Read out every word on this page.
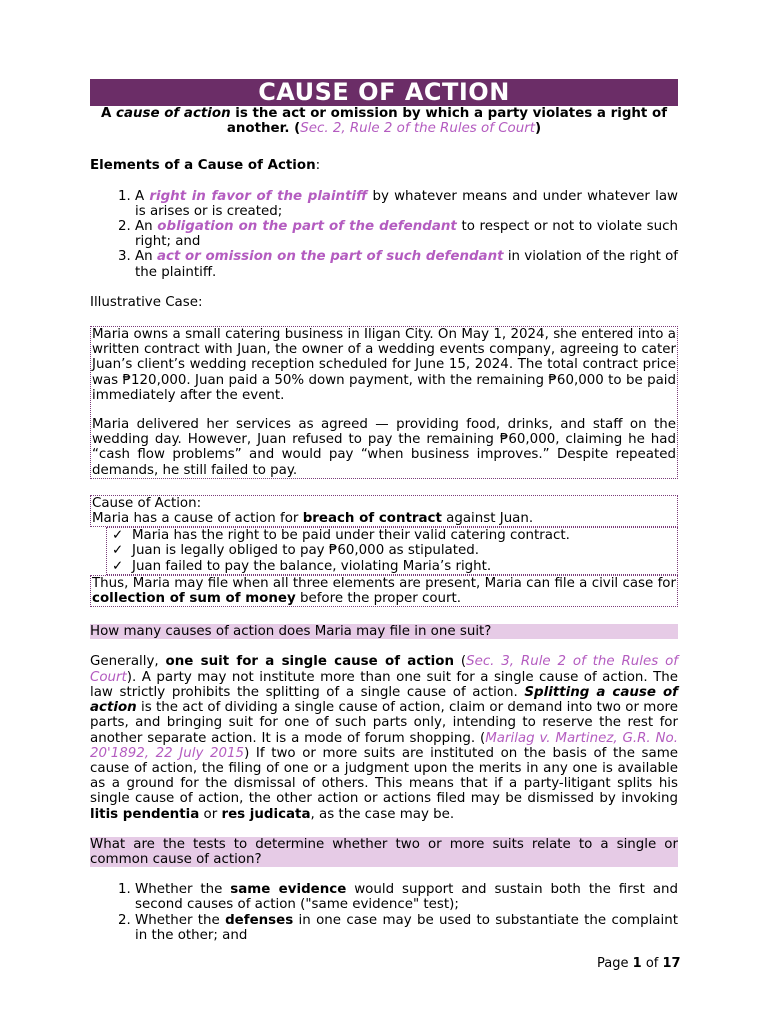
CAUSE OF ACTION

A cause of action is the act or omission by which a party violates a right of another. (Sec. 2, Rule 2 of the Rules of Court)

Elements of a Cause of Action:

1. A right in favor of the plaintiff by whatever means and under whatever law is arises or is created;
2. An obligation on the part of the defendant to respect or not to violate such right; and
3. An act or omission on the part of such defendant in violation of the right of the plaintiff.

Illustrative Case:

Maria owns a small catering business in Iligan City. On May 1, 2024, she entered into a written contract with Juan, the owner of a wedding events company, agreeing to cater Juan’s client’s wedding reception scheduled for June 15, 2024. The total contract price was ₱120,000. Juan paid a 50% down payment, with the remaining ₱60,000 to be paid immediately after the event.

Maria delivered her services as agreed — providing food, drinks, and staff on the wedding day. However, Juan refused to pay the remaining ₱60,000, claiming he had “cash flow problems” and would pay “when business improves.” Despite repeated demands, he still failed to pay.

Cause of Action:

Maria has a cause of action for breach of contract against Juan.

✓ Maria has the right to be paid under their valid catering contract.
✓ Juan is legally obliged to pay ₱60,000 as stipulated.
✓ Juan failed to pay the balance, violating Maria’s right.

Thus, Maria may file when all three elements are present, Maria can file a civil case for collection of sum of money before the proper court.

How many causes of action does Maria may file in one suit?

Generally, one suit for a single cause of action (Sec. 3, Rule 2 of the Rules of Court). A party may not institute more than one suit for a single cause of action. The law strictly prohibits the splitting of a single cause of action. Splitting a cause of action is the act of dividing a single cause of action, claim or demand into two or more parts, and bringing suit for one of such parts only, intending to reserve the rest for another separate action. It is a mode of forum shopping. (Marilag v. Martinez, G.R. No. 20'1892, 22 July 2015) If two or more suits are instituted on the basis of the same cause of action, the filing of one or a judgment upon the merits in any one is available as a ground for the dismissal of others. This means that if a party-litigant splits his single cause of action, the other action or actions filed may be dismissed by invoking litis pendentia or res judicata, as the case may be.

What are the tests to determine whether two or more suits relate to a single or common cause of action?

1. Whether the same evidence would support and sustain both the first and second causes of action ("same evidence" test);
2. Whether the defenses in one case may be used to substantiate the complaint in the other; and
Page 1 of 17
